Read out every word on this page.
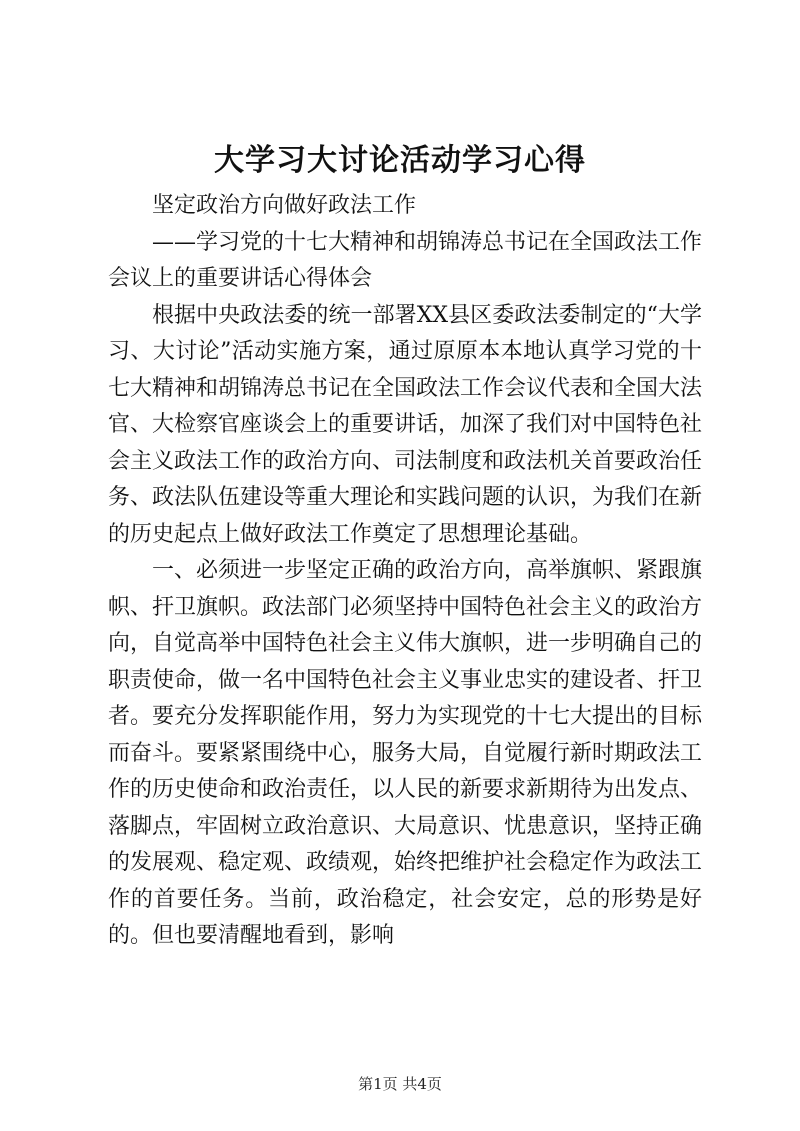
大学习大讨论活动学习心得

坚定政治方向做好政法工作

——学习党的十七大精神和胡锦涛总书记在全国政法工作会议上的重要讲话心得体会

根据中央政法委的统一部署XX县区委政法委制定的“大学习、大讨论”活动实施方案，通过原原本本地认真学习党的十七大精神和胡锦涛总书记在全国政法工作会议代表和全国大法官、大检察官座谈会上的重要讲话，加深了我们对中国特色社会主义政法工作的政治方向、司法制度和政法机关首要政治任务、政法队伍建设等重大理论和实践问题的认识，为我们在新的历史起点上做好政法工作奠定了思想理论基础。

一、必须进一步坚定正确的政治方向，高举旗帜、紧跟旗帜、扞卫旗帜。政法部门必须坚持中国特色社会主义的政治方向，自觉高举中国特色社会主义伟大旗帜，进一步明确自己的职责使命，做一名中国特色社会主义事业忠实的建设者、扞卫者。要充分发挥职能作用，努力为实现党的十七大提出的目标而奋斗。要紧紧围绕中心，服务大局，自觉履行新时期政法工作的历史使命和政治责任，以人民的新要求新期待为出发点、落脚点，牢固树立政治意识、大局意识、忧患意识，坚持正确的发展观、稳定观、政绩观，始终把维护社会稳定作为政法工作的首要任务。当前，政治稳定，社会安定，总的形势是好的。但也要清醒地看到，影响

第1页 共4页
